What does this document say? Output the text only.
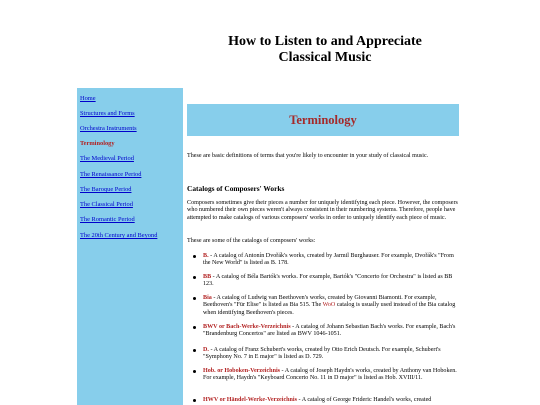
How to Listen to and Appreciate
Classical Music
Home
Structures and Forms
Orchestra Instruments
Terminology
The Medieval Period
The Renaissance Period
The Baroque Period
The Classical Period
The Romantic Period
The 20th Century and Beyond
Terminology

These are basic definitions of terms that you're likely to encounter in your study of classical music.

Catalogs of Composers' Works

Composers sometimes give their pieces a number for uniquely identifying each piece. However, the composers who numbered their own pieces weren't always consistent in their numbering systems. Therefore, people have attempted to make catalogs of various composers' works in order to uniquely identify each piece of music.

These are some of the catalogs of composers' works:

B. - A catalog of Antonín Dvořák's works, created by Jarmil Burghauser. For example, Dvořák's "From the New World" is listed as B. 178.
BB - A catalog of Béla Bartók's works. For example, Bartók's "Concerto for Orchestra" is listed as BB 123.
Bia - A catalog of Ludwig van Beethoven's works, created by Giovanni Biamonti. For example, Beethoven's "Für Elise" is listed as Bia 515. The WoO catalog is usually used instead of the Bia catalog when identifying Beethoven's pieces.
BWV or Bach-Werke-Verzeichnis - A catalog of Johann Sebastian Bach's works. For example, Bach's "Brandenburg Concertos" are listed as BWV 1046-1051.
D. - A catalog of Franz Schubert's works, created by Otto Erich Deutsch. For example, Schubert's "Symphony No. 7 in E major" is listed as D. 729.
Hob. or Hoboken-Verzeichnis - A catalog of Joseph Haydn's works, created by Anthony van Hoboken. For example, Haydn's "Keyboard Concerto No. 11 in D major" is listed as Hob. XVIII/11.
HWV or Händel-Werke-Verzeichnis - A catalog of George Frideric Handel's works, created
